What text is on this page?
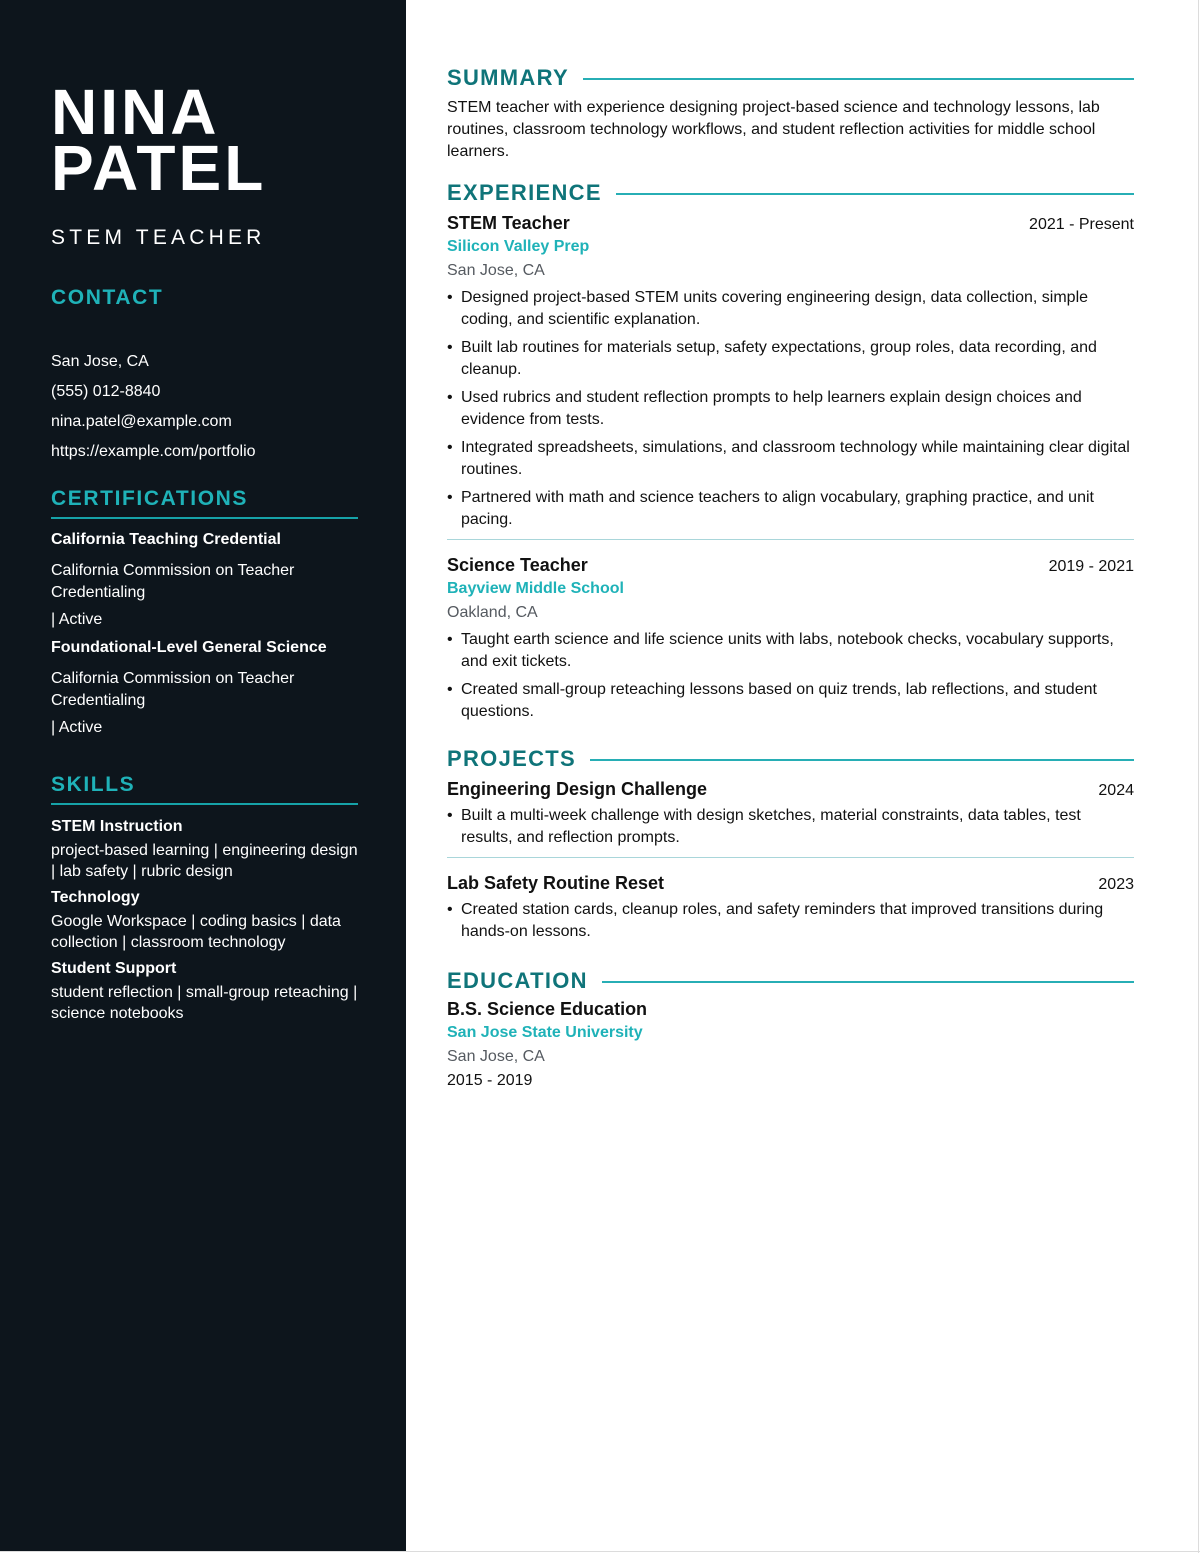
NINA
PATEL
STEM TEACHER
CONTACT
San Jose, CA
(555) 012-8840
nina.patel@example.com
https://example.com/portfolio
CERTIFICATIONS
California Teaching Credential
California Commission on Teacher Credentialing
| Active
Foundational-Level General Science
California Commission on Teacher Credentialing
| Active
SKILLS
STEM Instruction
project-based learning | engineering design | lab safety | rubric design
Technology
Google Workspace | coding basics | data collection | classroom technology
Student Support
student reflection | small-group reteaching | science notebooks
SUMMARY

STEM teacher with experience designing project-based science and technology lessons, lab routines, classroom technology workflows, and student reflection activities for middle school learners.

EXPERIENCE
STEM Teacher	2021 - Present
Silicon Valley Prep
San Jose, CA
• Designed project-based STEM units covering engineering design, data collection, simple coding, and scientific explanation.
• Built lab routines for materials setup, safety expectations, group roles, data recording, and cleanup.
• Used rubrics and student reflection prompts to help learners explain design choices and evidence from tests.
• Integrated spreadsheets, simulations, and classroom technology while maintaining clear digital routines.
• Partnered with math and science teachers to align vocabulary, graphing practice, and unit pacing.
Science Teacher	2019 - 2021
Bayview Middle School
Oakland, CA
• Taught earth science and life science units with labs, notebook checks, vocabulary supports, and exit tickets.
• Created small-group reteaching lessons based on quiz trends, lab reflections, and student questions.
PROJECTS
Engineering Design Challenge	2024
• Built a multi-week challenge with design sketches, material constraints, data tables, test results, and reflection prompts.
Lab Safety Routine Reset	2023
• Created station cards, cleanup roles, and safety reminders that improved transitions during hands-on lessons.
EDUCATION
B.S. Science Education
San Jose State University
San Jose, CA
2015 - 2019
